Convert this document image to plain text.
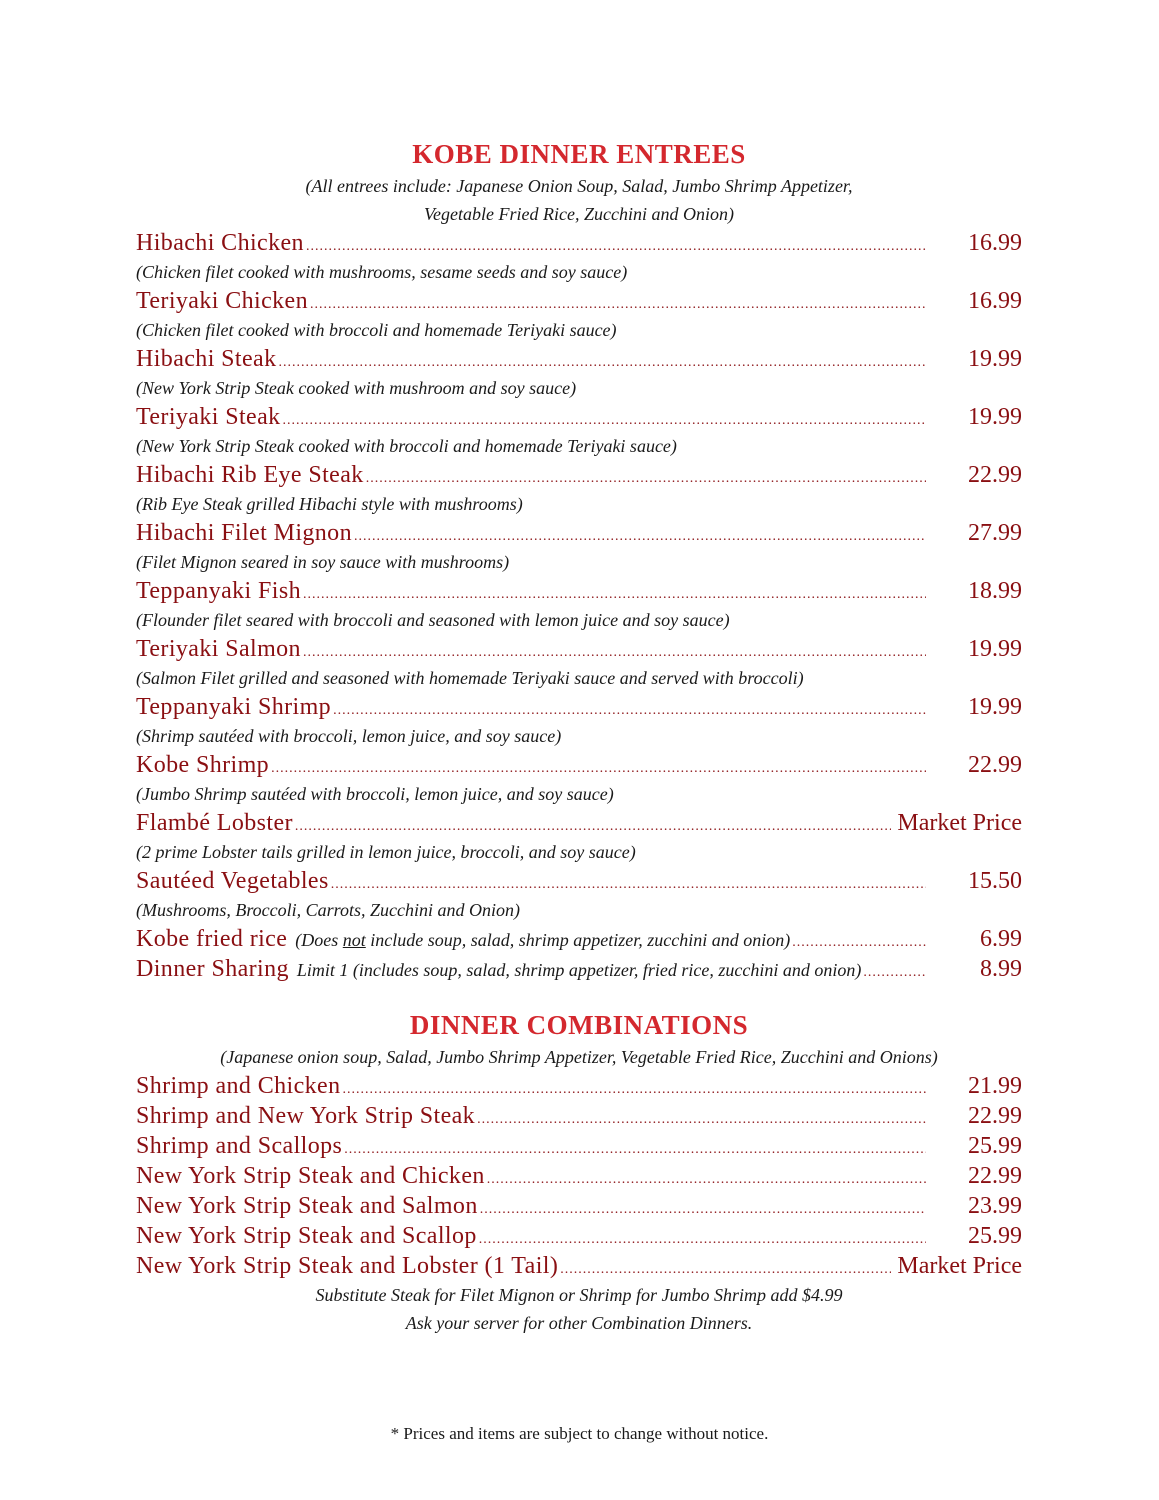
KOBE DINNER ENTREES
(All entrees include: Japanese Onion Soup, Salad, Jumbo Shrimp Appetizer,
Vegetable Fried Rice, Zucchini and Onion)
Hibachi Chicken .....	16.99
(Chicken filet cooked with mushrooms, sesame seeds and soy sauce)
Teriyaki Chicken .....	16.99
(Chicken filet cooked with broccoli and homemade Teriyaki sauce)
Hibachi Steak .....	19.99
(New York Strip Steak cooked with mushroom and soy sauce)
Teriyaki Steak .....	19.99
(New York Strip Steak cooked with broccoli and homemade Teriyaki sauce)
Hibachi Rib Eye Steak .....	22.99
(Rib Eye Steak grilled Hibachi style with mushrooms)
Hibachi Filet Mignon .....	27.99
(Filet Mignon seared in soy sauce with mushrooms)
Teppanyaki Fish .....	18.99
(Flounder filet seared with broccoli and seasoned with lemon juice and soy sauce)
Teriyaki Salmon .....	19.99
(Salmon Filet grilled and seasoned with homemade Teriyaki sauce and served with broccoli)
Teppanyaki Shrimp .....	19.99
(Shrimp sautéed with broccoli, lemon juice, and soy sauce)
Kobe Shrimp .....	22.99
(Jumbo Shrimp sautéed with broccoli, lemon juice, and soy sauce)
Flambé Lobster .....	Market Price
(2 prime Lobster tails grilled in lemon juice, broccoli, and soy sauce)
Sautéed Vegetables .....	15.50
(Mushrooms, Broccoli, Carrots, Zucchini and Onion)
Kobe fried rice (Does not include soup, salad, shrimp appetizer, zucchini and onion) .....	6.99
Dinner Sharing Limit 1 (includes soup, salad, shrimp appetizer, fried rice, zucchini and onion) .....	8.99
DINNER COMBINATIONS
(Japanese onion soup, Salad, Jumbo Shrimp Appetizer, Vegetable Fried Rice, Zucchini and Onions)
Shrimp and Chicken .....	21.99
Shrimp and New York Strip Steak .....	22.99
Shrimp and Scallops .....	25.99
New York Strip Steak and Chicken .....	22.99
New York Strip Steak and Salmon .....	23.99
New York Strip Steak and Scallop .....	25.99
New York Strip Steak and Lobster (1 Tail) .....	Market Price
Substitute Steak for Filet Mignon or Shrimp for Jumbo Shrimp add $4.99
Ask your server for other Combination Dinners.
* Prices and items are subject to change without notice.
